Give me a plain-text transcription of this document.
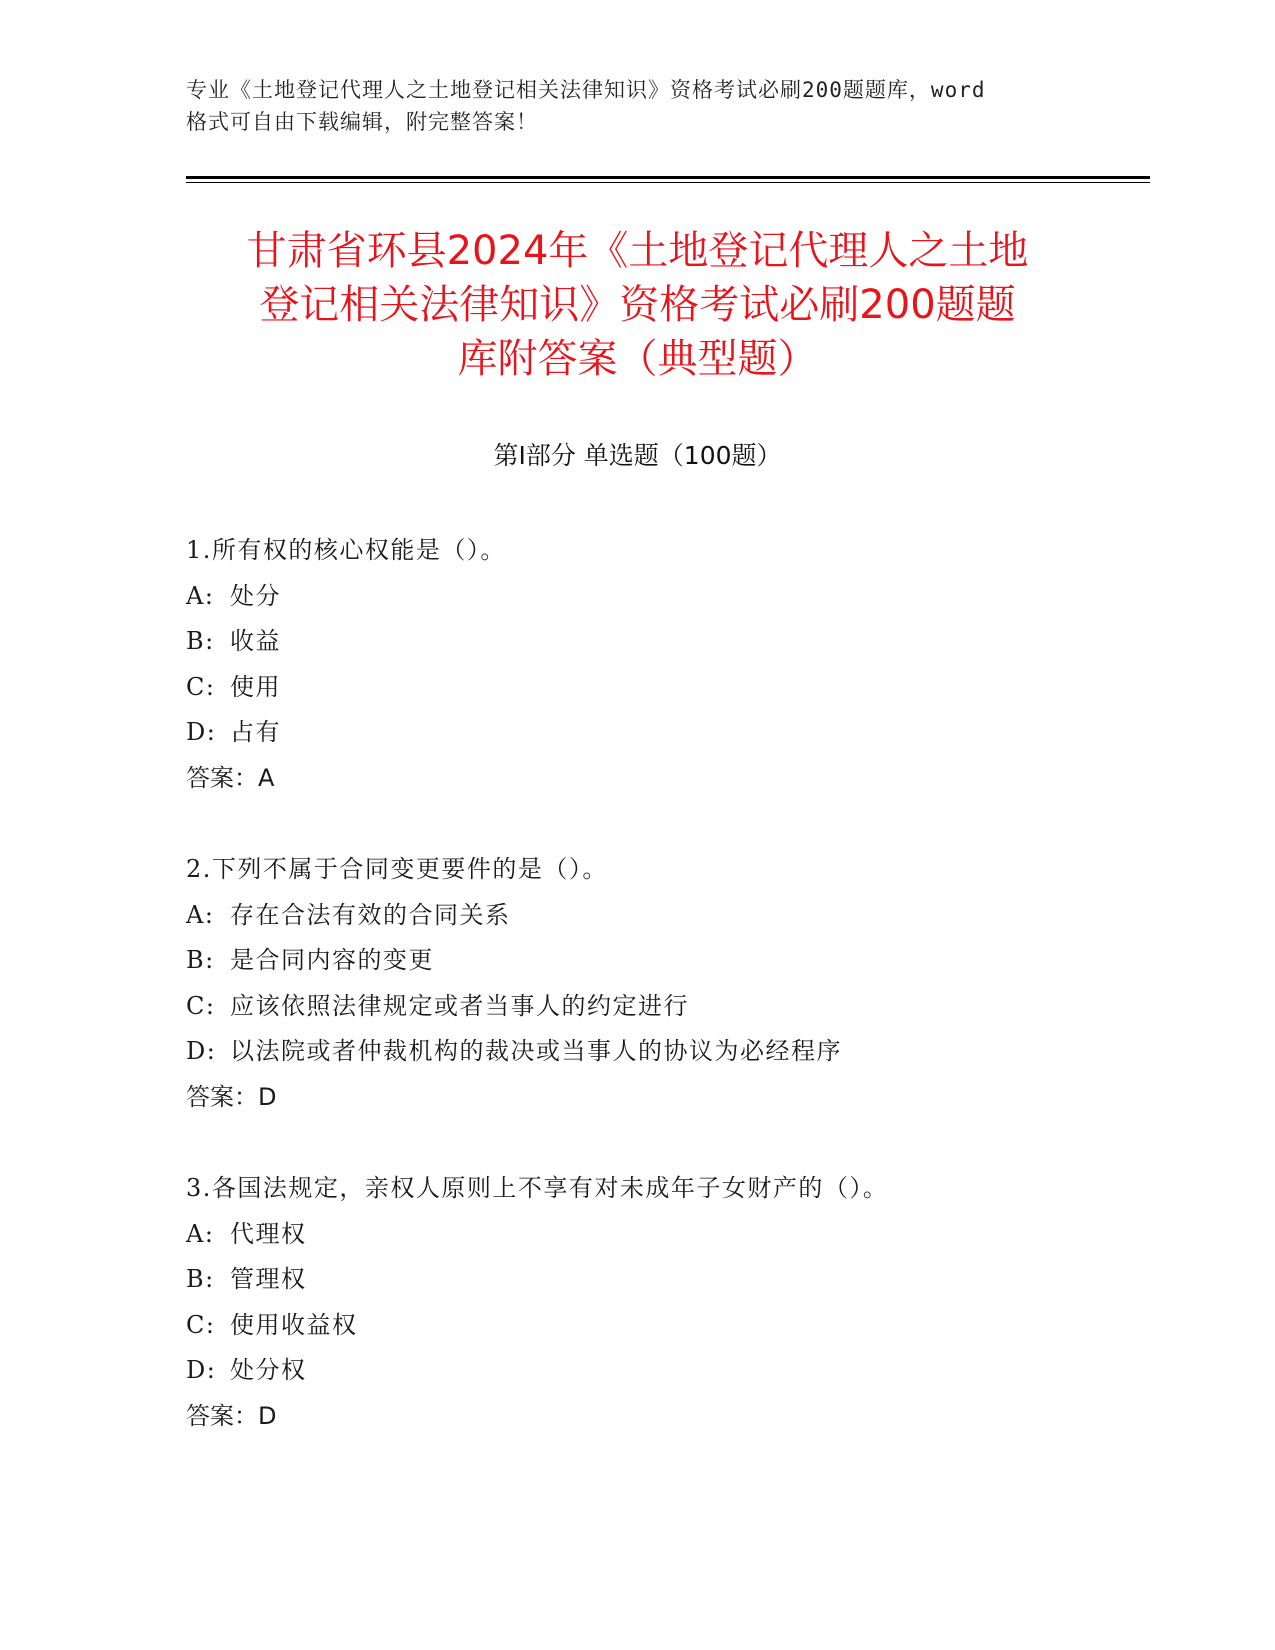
专业《土地登记代理人之土地登记相关法律知识》资格考试必刷200题题库，word
格式可自由下载编辑，附完整答案！
甘肃省环县2024年《土地登记代理人之土地
登记相关法律知识》资格考试必刷200题题
库附答案（典型题）
第Ⅰ部分 单选题（100题）
1.所有权的核心权能是（）。
A: 处分
B: 收益
C: 使用
D: 占有
答案：A
2.下列不属于合同变更要件的是（）。
A: 存在合法有效的合同关系
B: 是合同内容的变更
C: 应该依照法律规定或者当事人的约定进行
D: 以法院或者仲裁机构的裁决或当事人的协议为必经程序
答案：D
3.各国法规定，亲权人原则上不享有对未成年子女财产的（）。
A: 代理权
B: 管理权
C: 使用收益权
D: 处分权
答案：D
